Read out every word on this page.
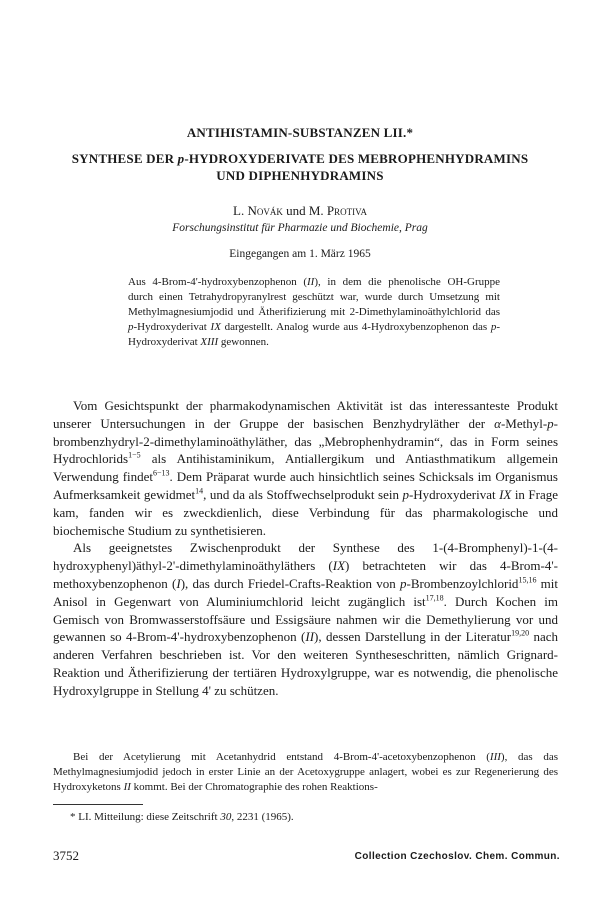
ANTIHISTAMIN-SUBSTANZEN LII.*
SYNTHESE DER p-HYDROXYDERIVATE DES MEBROPHENHYDRAMINS
UND DIPHENHYDRAMINS
L. Novák und M. Protiva
Forschungsinstitut für Pharmazie und Biochemie, Prag
Eingegangen am 1. März 1965
Aus 4-Brom-4'-hydroxybenzophenon (II), in dem die phenolische OH-Gruppe durch einen Tetrahydropyranylrest geschützt war, wurde durch Umsetzung mit Methylmagnesiumjodid und Ätherifizierung mit 2-Dimethylaminoäthylchlorid das p-Hydroxyderivat IX dargestellt. Analog wurde aus 4-Hydroxybenzophenon das p-Hydroxyderivat XIII gewonnen.

Vom Gesichtspunkt der pharmakodynamischen Aktivität ist das interessanteste Produkt unserer Untersuchungen in der Gruppe der basischen Benzhydryläther der α-Methyl-p-brombenzhydryl-2-dimethylaminoäthyläther, das „Mebrophenhydramin“, das in Form seines Hydrochlorids$^{1-5}$ als Antihistaminikum, Antiallergikum und Antiasthmatikum allgemein Verwendung findet$^{6-13}$. Dem Präparat wurde auch hinsichtlich seines Schicksals im Organismus Aufmerksamkeit gewidmet$^{14}$, und da als Stoffwechselprodukt sein p-Hydroxyderivat IX in Frage kam, fanden wir es zweckdienlich, diese Verbindung für das pharmakologische und biochemische Studium zu synthetisieren.

Als geeignetstes Zwischenprodukt der Synthese des 1-(4-Bromphenyl)-1-(4-hydroxyphenyl)äthyl-2'-dimethylaminoäthyläthers (IX) betrachteten wir das 4-Brom-4'-methoxybenzophenon (I), das durch Friedel-Crafts-Reaktion von p-Brombenzoylchlorid$^{15,16}$ mit Anisol in Gegenwart von Aluminiumchlorid leicht zugänglich ist$^{17,18}$. Durch Kochen im Gemisch von Bromwasserstoffsäure und Essigsäure nahmen wir die Demethylierung vor und gewannen so 4-Brom-4'-hydroxybenzophenon (II), dessen Darstellung in der Literatur$^{19,20}$ nach anderen Verfahren beschrieben ist. Vor den weiteren Syntheseschritten, nämlich Grignard-Reaktion und Ätherifizierung der tertiären Hydroxylgruppe, war es notwendig, die phenolische Hydroxylgruppe in Stellung 4' zu schützen.

Bei der Acetylierung mit Acetanhydrid entstand 4-Brom-4'-acetoxybenzophenon (III), das das Methylmagnesiumjodid jedoch in erster Linie an der Acetoxygruppe anlagert, wobei es zur Regenerierung des Hydroxyketons II kommt. Bei der Chromatographie des rohen Reaktions-

* LI. Mitteilung: diese Zeitschrift 30, 2231 (1965).
3752	Collection Czechoslov. Chem. Commun.
